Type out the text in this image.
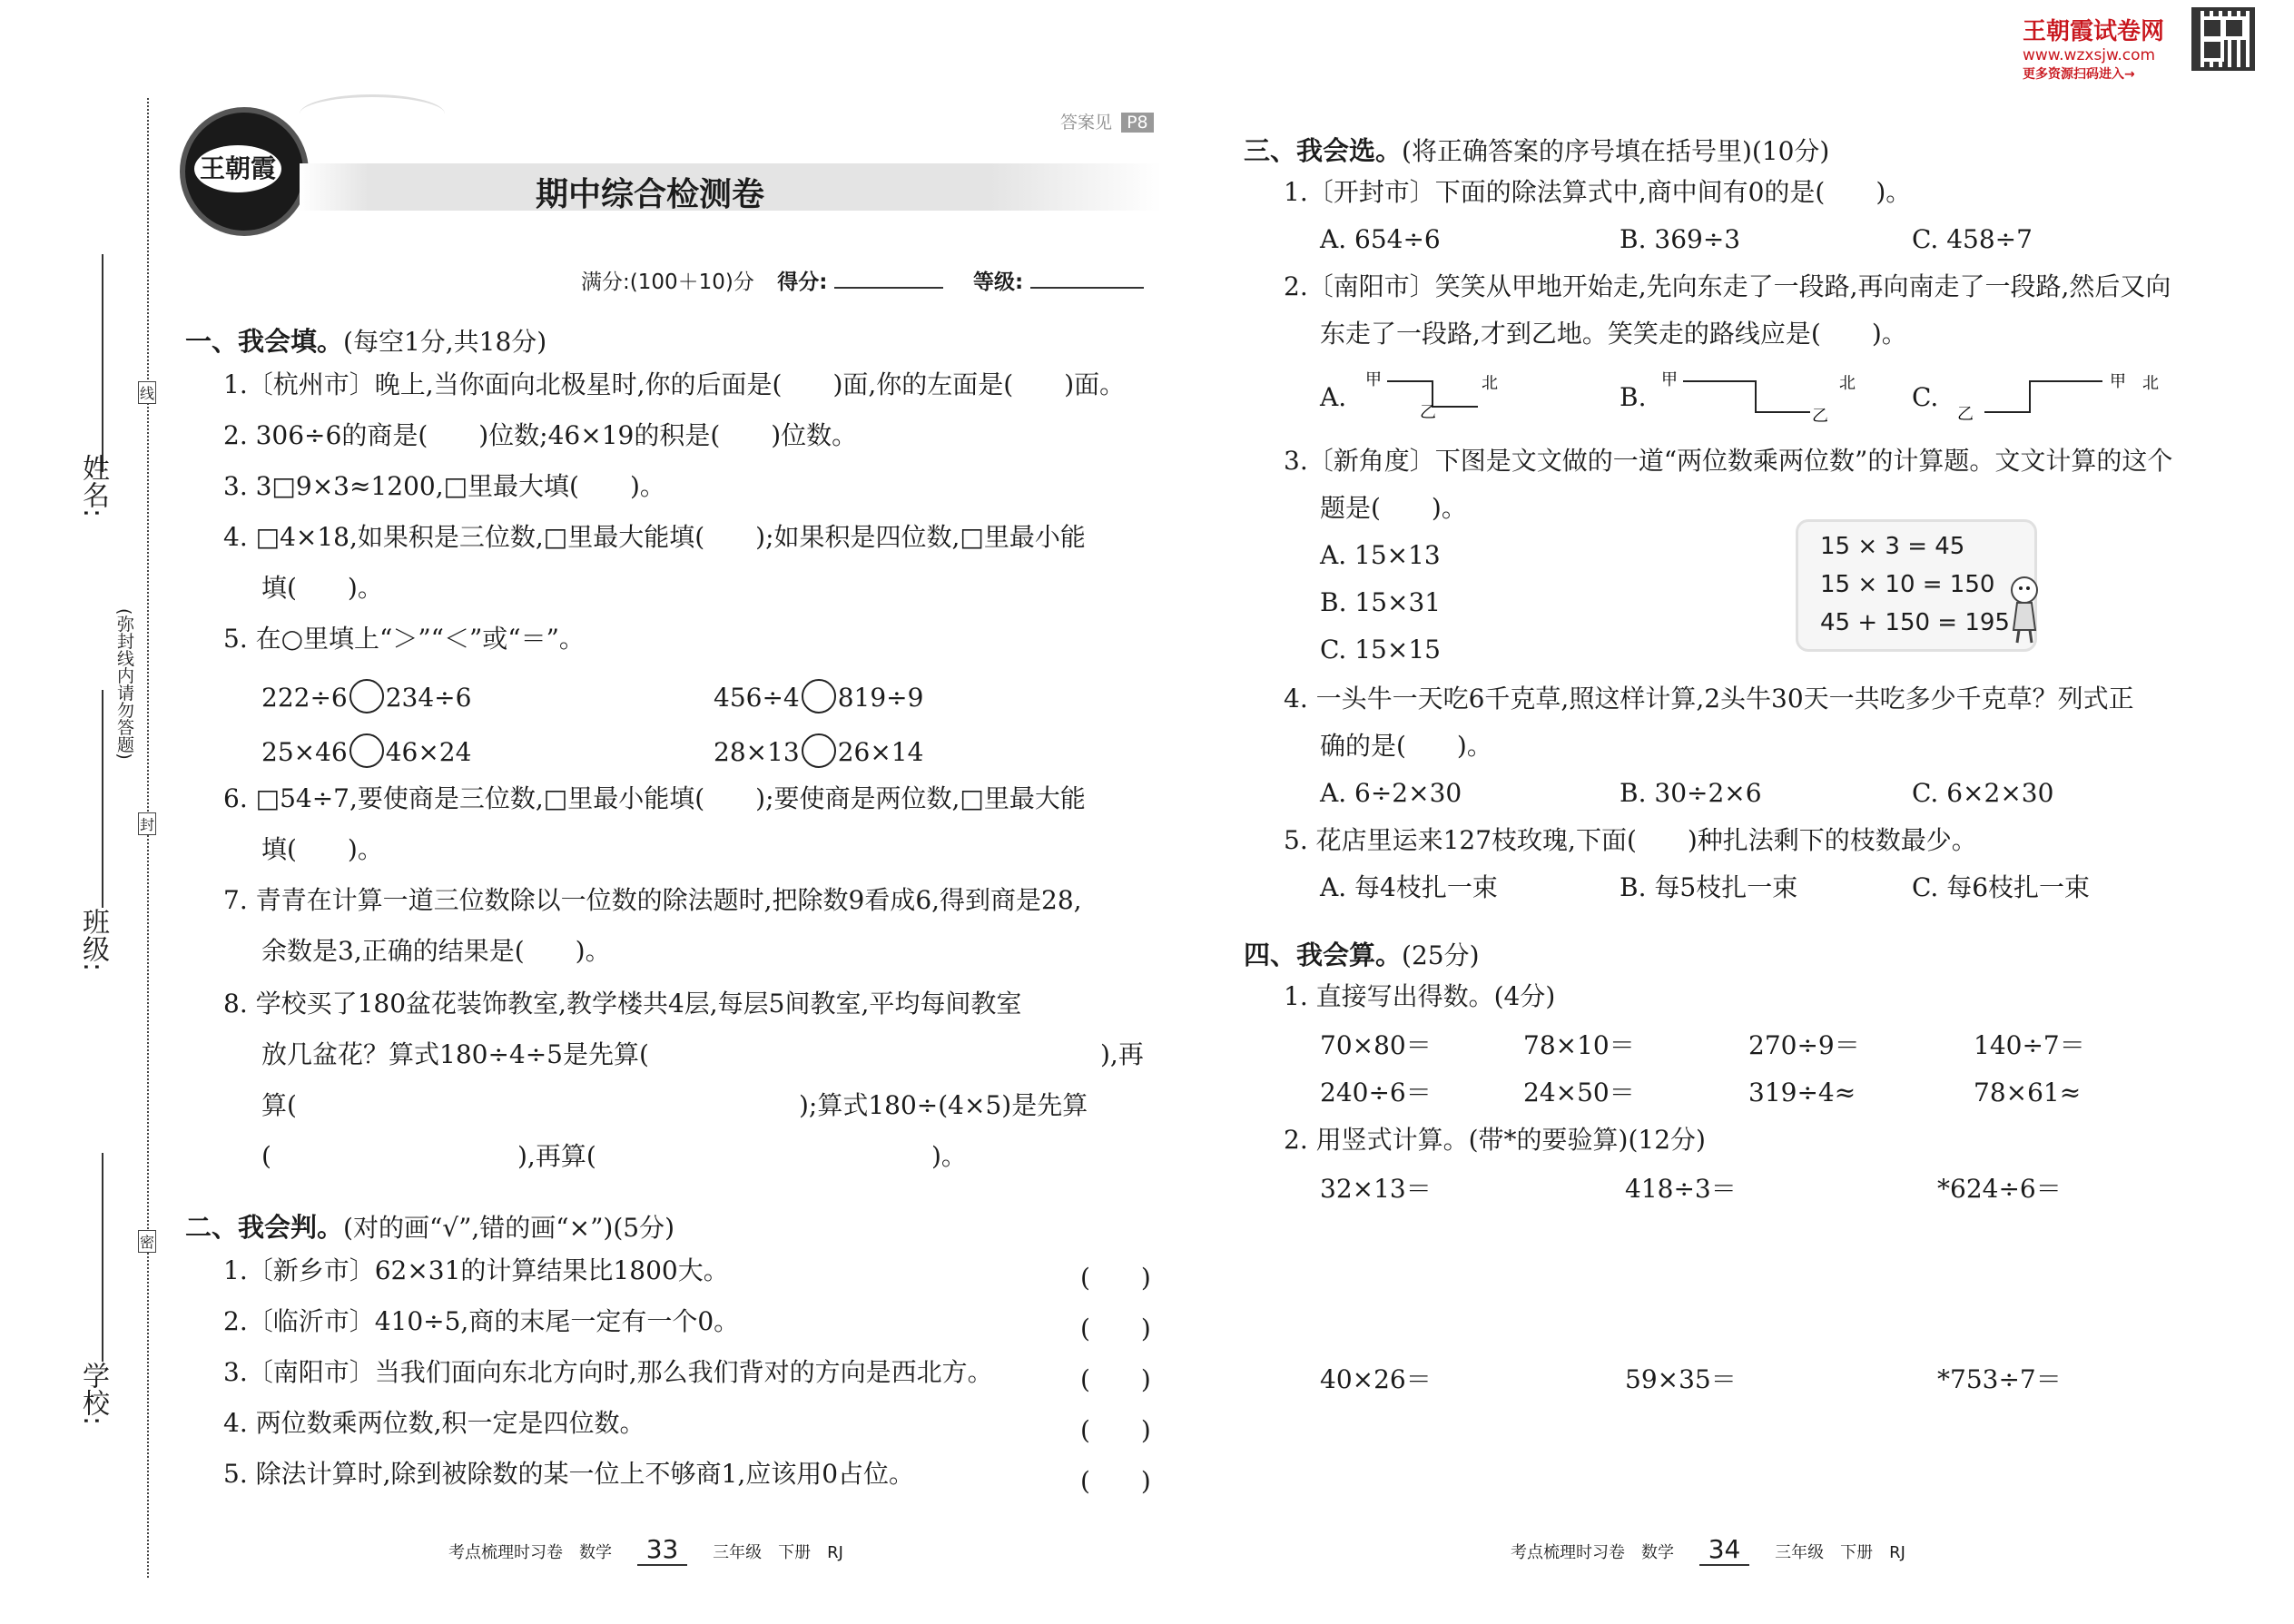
王朝霞试卷网
www.wzxsjw.com
更多资源扫码进入→
姓名:
班级:
学校:
(弥封线内请勿答题)
线
封
密
王朝霞
答案见 P8
期中综合检测卷
满分:(100＋10)分 得分:	等级:
一、我会填。(每空1分,共18分)
1.〔杭州市〕晚上,当你面向北极星时,你的后面是(　　)面,你的左面是(　　)面。
2. 306÷6的商是(　　)位数;46×19的积是(　　)位数。
3. 3□9×3≈1200,□里最大填(　　)。
4. □4×18,如果积是三位数,□里最大能填(　　);如果积是四位数,□里最小能
填(　　)。
5. 在○里填上“＞”“＜”或“＝”。
222÷6 234÷6	456÷4 819÷9
25×46 46×24	28×13 26×14
6. □54÷7,要使商是三位数,□里最小能填(　　);要使商是两位数,□里最大能
填(　　)。
7. 青青在计算一道三位数除以一位数的除法题时,把除数9看成6,得到商是28,
余数是3,正确的结果是(　　)。
8. 学校买了180盆花装饰教室,教学楼共4层,每层5间教室,平均每间教室
放几盆花？算式180÷4÷5是先算(	),再
算(	);算式180÷(4×5)是先算
(	),再算(	)。
二、我会判。(对的画“√”,错的画“×”)(5分)
1.〔新乡市〕62×31的计算结果比1800大。
2.〔临沂市〕410÷5,商的末尾一定有一个0。
3.〔南阳市〕当我们面向东北方向时,那么我们背对的方向是西北方。
4. 两位数乘两位数,积一定是四位数。
5. 除法计算时,除到被除数的某一位上不够商1,应该用0占位。
(　　)
(　　)
(　　)
(　　)
(　　)
考点梳理时习卷　数学 33 三年级　下册　RJ
三、我会选。(将正确答案的序号填在括号里)(10分)
1.〔开封市〕下面的除法算式中,商中间有0的是(　　)。
A. 654÷6	B. 369÷3	C. 458÷7
2.〔南阳市〕笑笑从甲地开始走,先向东走了一段路,再向南走了一段路,然后又向
东走了一段路,才到乙地。笑笑走的路线应是(　　)。
A.
甲	北
乙
B.
甲	北
乙
C.
乙
甲 北
3.〔新角度〕下图是文文做的一道“两位数乘两位数”的计算题。文文计算的这个
题是(　　)。
A. 15×13
B. 15×31
C. 15×15
15 × 3 = 45
15 × 10 = 150
45 + 150 = 195
4. 一头牛一天吃6千克草,照这样计算,2头牛30天一共吃多少千克草？列式正
确的是(　　)。
A. 6÷2×30	B. 30÷2×6	C. 6×2×30
5. 花店里运来127枝玫瑰,下面(　　)种扎法剩下的枝数最少。
A. 每4枝扎一束	B. 每5枝扎一束	C. 每6枝扎一束
四、我会算。(25分)
1. 直接写出得数。(4分)
70×80＝	78×10＝	270÷9＝	140÷7＝
240÷6＝	24×50＝	319÷4≈	78×61≈
2. 用竖式计算。(带*的要验算)(12分)
32×13＝	418÷3＝	*624÷6＝
40×26＝	59×35＝	*753÷7＝
考点梳理时习卷　数学 34 三年级　下册　RJ
